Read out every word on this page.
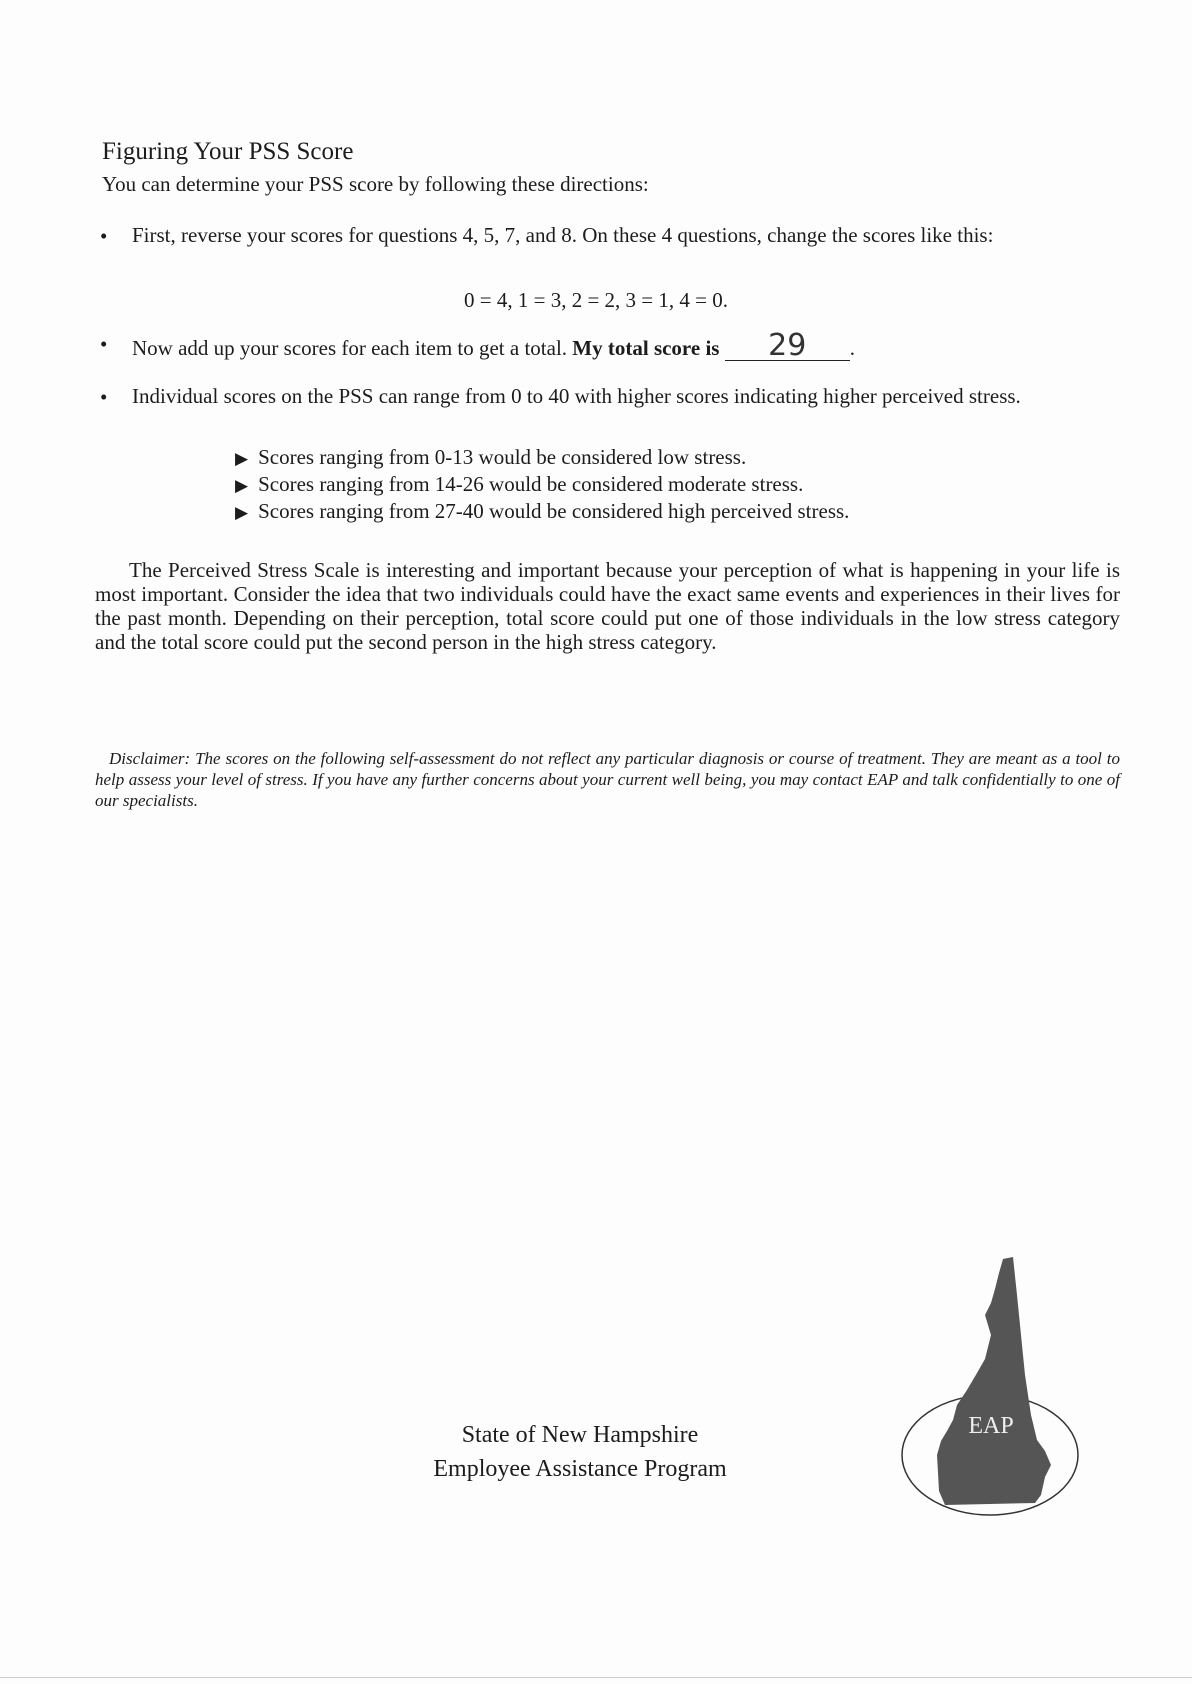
Figuring Your PSS Score
You can determine your PSS score by following these directions:
• First, reverse your scores for questions 4, 5, 7, and 8. On these 4 questions, change the scores like this:
0 = 4, 1 = 3, 2 = 2, 3 = 1, 4 = 0.
• Now add up your scores for each item to get a total. My total score is 29 .
• Individual scores on the PSS can range from 0 to 40 with higher scores indicating higher perceived stress.
▶ Scores ranging from 0-13 would be considered low stress.
▶ Scores ranging from 14-26 would be considered moderate stress.
▶ Scores ranging from 27-40 would be considered high perceived stress.
The Perceived Stress Scale is interesting and important because your perception of what is happening in your life is most important. Consider the idea that two individuals could have the exact same events and experiences in their lives for the past month. Depending on their perception, total score could put one of those individuals in the low stress category and the total score could put the second person in the high stress category.
Disclaimer: The scores on the following self-assessment do not reflect any particular diagnosis or course of treatment. They are meant as a tool to help assess your level of stress. If you have any further concerns about your current well being, you may contact EAP and talk confidentially to one of our specialists.
State of New Hampshire
Employee Assistance Program
EAP
